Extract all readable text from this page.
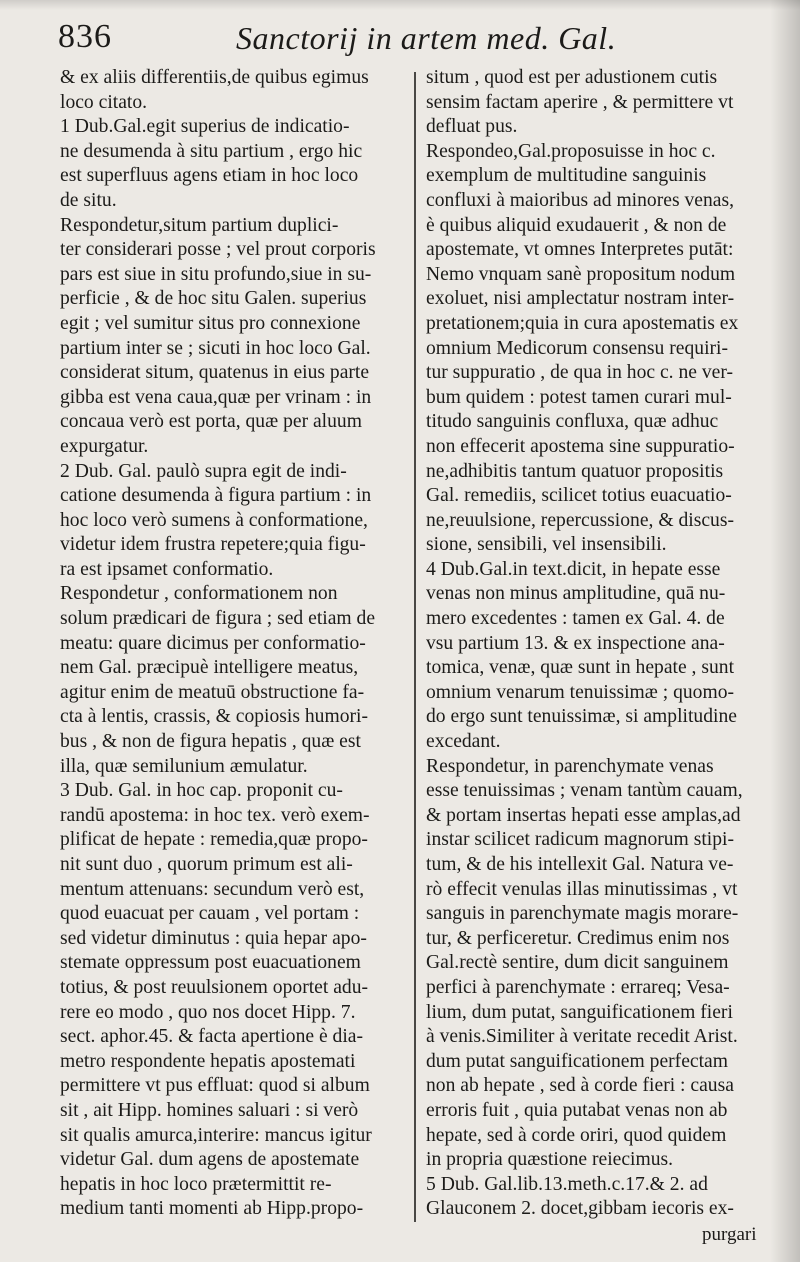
836	Sanctorij in artem med. Gal.
& ex aliis differentiis,de quibus egimus
loco citato.
1 Dub.Gal.egit superius de indicatio-
ne desumenda à situ partium , ergo hic
est superfluus agens etiam in hoc loco
de situ.
Respondetur,situm partium duplici-
ter considerari posse ; vel prout corporis
pars est siue in situ profundo,siue in su-
perficie , & de hoc situ Galen. superius
egit ; vel sumitur situs pro connexione
partium inter se ; sicuti in hoc loco Gal.
considerat situm, quatenus in eius parte
gibba est vena caua,quæ per vrinam : in
concaua verò est porta, quæ per aluum
expurgatur.
2 Dub. Gal. paulò supra egit de indi-
catione desumenda à figura partium : in
hoc loco verò sumens à conformatione,
videtur idem frustra repetere;quia figu-
ra est ipsamet conformatio.
Respondetur , conformationem non
solum prædicari de figura ; sed etiam de
meatu: quare dicimus per conformatio-
nem Gal. præcipuè intelligere meatus,
agitur enim de meatuū obstructione fa-
cta à lentis, crassis, & copiosis humori-
bus , & non de figura hepatis , quæ est
illa, quæ semilunium æmulatur.
3 Dub. Gal. in hoc cap. proponit cu-
randū apostema: in hoc tex. verò exem-
plificat de hepate : remedia,quæ propo-
nit sunt duo , quorum primum est ali-
mentum attenuans: secundum verò est,
quod euacuat per cauam , vel portam :
sed videtur diminutus : quia hepar apo-
stemate oppressum post euacuationem
totius, & post reuulsionem oportet adu-
rere eo modo , quo nos docet Hipp. 7.
sect. aphor.45. & facta apertione è dia-
metro respondente hepatis apostemati
permittere vt pus effluat: quod si album
sit , ait Hipp. homines saluari : si verò
sit qualis amurca,interire: mancus igitur
videtur Gal. dum agens de apostemate
hepatis in hoc loco prætermittit re-
medium tanti momenti ab Hipp.propo-
situm , quod est per adustionem cutis
sensim factam aperire , & permittere vt
defluat pus.
Respondeo,Gal.proposuisse in hoc c.
exemplum de multitudine sanguinis
confluxi à maioribus ad minores venas,
è quibus aliquid exudauerit , & non de
apostemate, vt omnes Interpretes putāt:
Nemo vnquam sanè propositum nodum
exoluet, nisi amplectatur nostram inter-
pretationem;quia in cura apostematis ex
omnium Medicorum consensu requiri-
tur suppuratio , de qua in hoc c. ne ver-
bum quidem : potest tamen curari mul-
titudo sanguinis confluxa, quæ adhuc
non effecerit apostema sine suppuratio-
ne,adhibitis tantum quatuor propositis
Gal. remediis, scilicet totius euacuatio-
ne,reuulsione, repercussione, & discus-
sione, sensibili, vel insensibili.
4 Dub.Gal.in text.dicit, in hepate esse
venas non minus amplitudine, quā nu-
mero excedentes : tamen ex Gal. 4. de
vsu partium 13. & ex inspectione ana-
tomica, venæ, quæ sunt in hepate , sunt
omnium venarum tenuissimæ ; quomo-
do ergo sunt tenuissimæ, si amplitudine
excedant.
Respondetur, in parenchymate venas
esse tenuissimas ; venam tantùm cauam,
& portam insertas hepati esse amplas,ad
instar scilicet radicum magnorum stipi-
tum, & de his intellexit Gal. Natura ve-
rò effecit venulas illas minutissimas , vt
sanguis in parenchymate magis morare-
tur, & perficeretur. Credimus enim nos
Gal.rectè sentire, dum dicit sanguinem
perfici à parenchymate : errareq; Vesa-
lium, dum putat, sanguificationem fieri
à venis.Similiter à veritate recedit Arist.
dum putat sanguificationem perfectam
non ab hepate , sed à corde fieri : causa
erroris fuit , quia putabat venas non ab
hepate, sed à corde oriri, quod quidem
in propria quæstione reiecimus.
5 Dub. Gal.lib.13.meth.c.17.& 2. ad
Glauconem 2. docet,gibbam iecoris ex-
purgari
